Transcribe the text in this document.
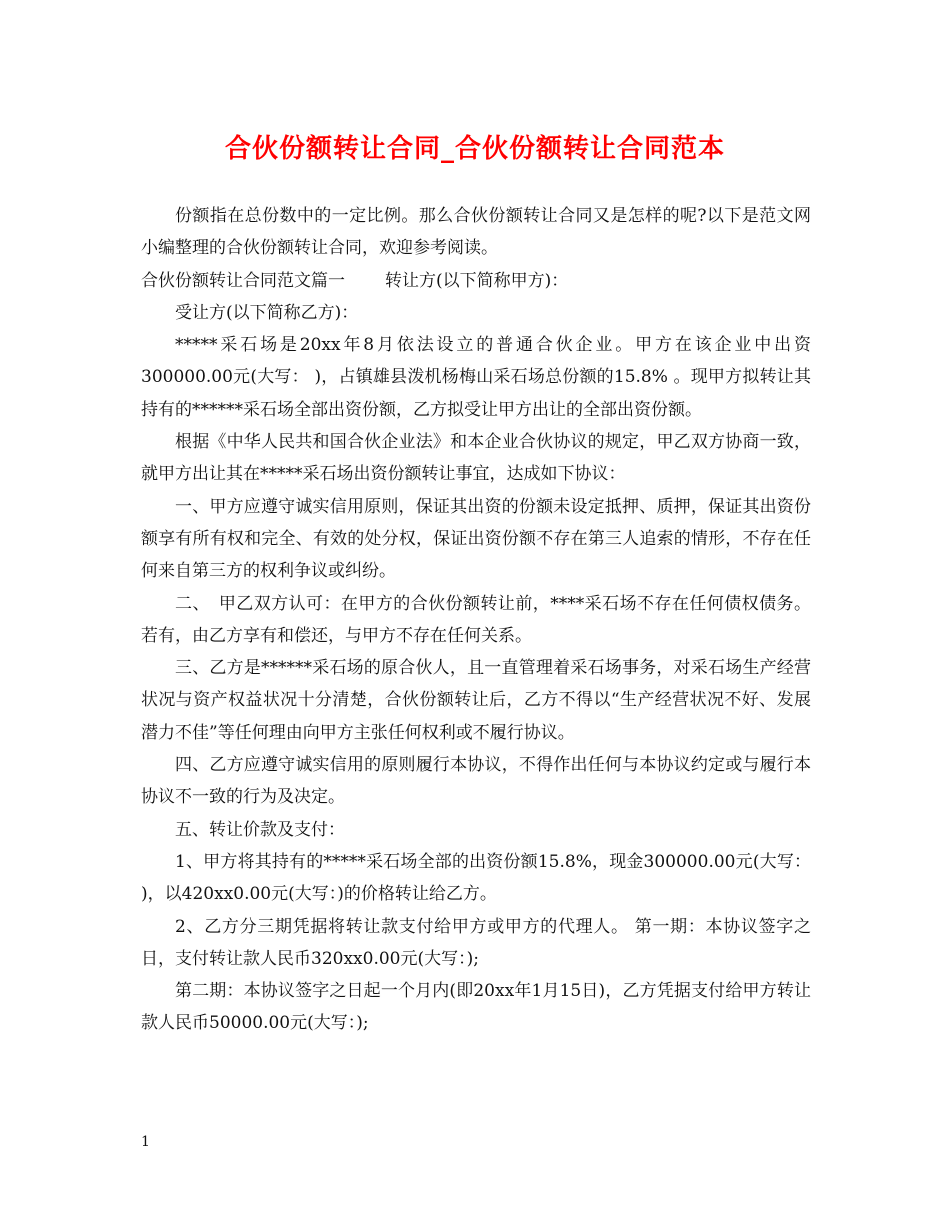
合伙份额转让合同_合伙份额转让合同范本

份额指在总份数中的一定比例。那么合伙份额转让合同又是怎样的呢?以下是范文网小编整理的合伙份额转让合同，欢迎参考阅读。

合伙份额转让合同范文篇一 转让方(以下简称甲方)：

受让方(以下简称乙方)：

*****采石场是20xx年8月依法设立的普通合伙企业。甲方在该企业中出资300000.00元(大写： )，占镇雄县泼机杨梅山采石场总份额的15.8% 。现甲方拟转让其持有的******采石场全部出资份额，乙方拟受让甲方出让的全部出资份额。

根据《中华人民共和国合伙企业法》和本企业合伙协议的规定，甲乙双方协商一致，就甲方出让其在*****采石场出资份额转让事宜，达成如下协议：

一、甲方应遵守诚实信用原则，保证其出资的份额未设定抵押、质押，保证其出资份额享有所有权和完全、有效的处分权，保证出资份额不存在第三人追索的情形，不存在任何来自第三方的权利争议或纠纷。

二、　甲乙双方认可：在甲方的合伙份额转让前，****采石场不存在任何债权债务。若有，由乙方享有和偿还，与甲方不存在任何关系。

三、乙方是******采石场的原合伙人，且一直管理着采石场事务，对采石场生产经营状况与资产权益状况十分清楚，合伙份额转让后，乙方不得以“生产经营状况不好、发展潜力不佳”等任何理由向甲方主张任何权利或不履行协议。

四、乙方应遵守诚实信用的原则履行本协议，不得作出任何与本协议约定或与履行本协议不一致的行为及决定。

五、转让价款及支付：

1、甲方将其持有的*****采石场全部的出资份额15.8%，现金300000.00元(大写： )，以420xx0.00元(大写：)的价格转让给乙方。

2、乙方分三期凭据将转让款支付给甲方或甲方的代理人。 第一期：本协议签字之日，支付转让款人民币320xx0.00元(大写：);

第二期：本协议签字之日起一个月内(即20xx年1月15日)，乙方凭据支付给甲方转让款人民币50000.00元(大写：);

1
